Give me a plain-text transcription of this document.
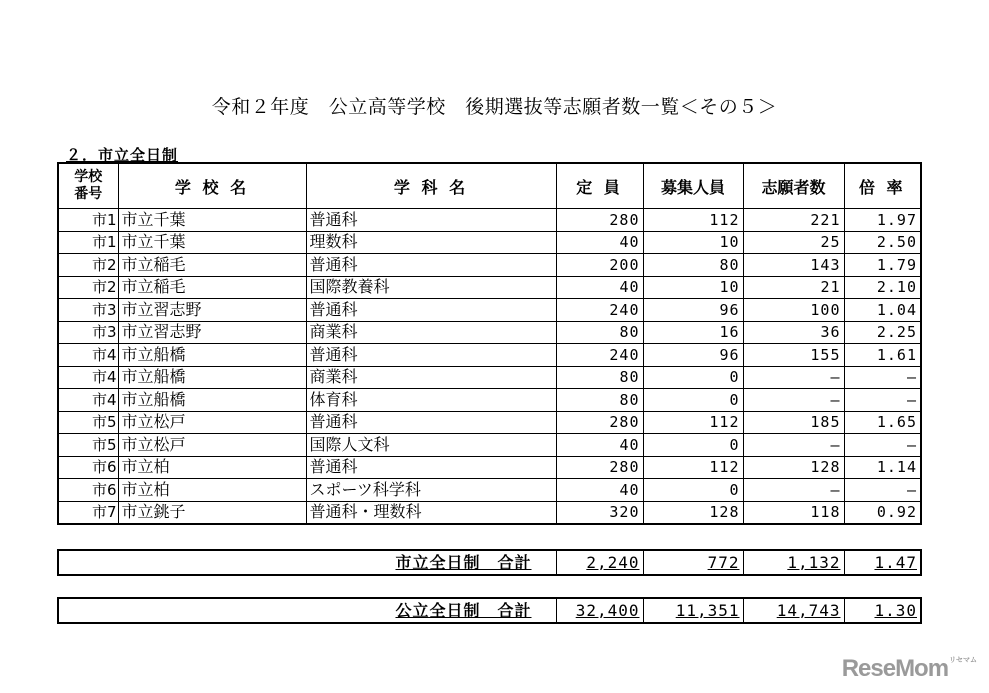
令和２年度　公立高等学校　後期選抜等志願者数一覧＜その５＞
２．市立全日制
学校
番号	学 校 名	学 科 名	定 員	募集人員	志願者数	倍 率
市1	市立千葉	普通科	280	112	221	1.97
市1	市立千葉	理数科	40	10	25	2.50
市2	市立稲毛	普通科	200	80	143	1.79
市2	市立稲毛	国際教養科	40	10	21	2.10
市3	市立習志野	普通科	240	96	100	1.04
市3	市立習志野	商業科	80	16	36	2.25
市4	市立船橋	普通科	240	96	155	1.61
市4	市立船橋	商業科	80	0	―	―
市4	市立船橋	体育科	80	0	―	―
市5	市立松戸	普通科	280	112	185	1.65
市5	市立松戸	国際人文科	40	0	―	―
市6	市立柏	普通科	280	112	128	1.14
市6	市立柏	スポーツ科学科	40	0	―	―
市7	市立銚子	普通科・理数科	320	128	118	0.92
市立全日制　合計	2,240	772	1,132	1.47
公立全日制　合計	32,400	11,351	14,743	1.30
ReseMom$^{リセマム}$
